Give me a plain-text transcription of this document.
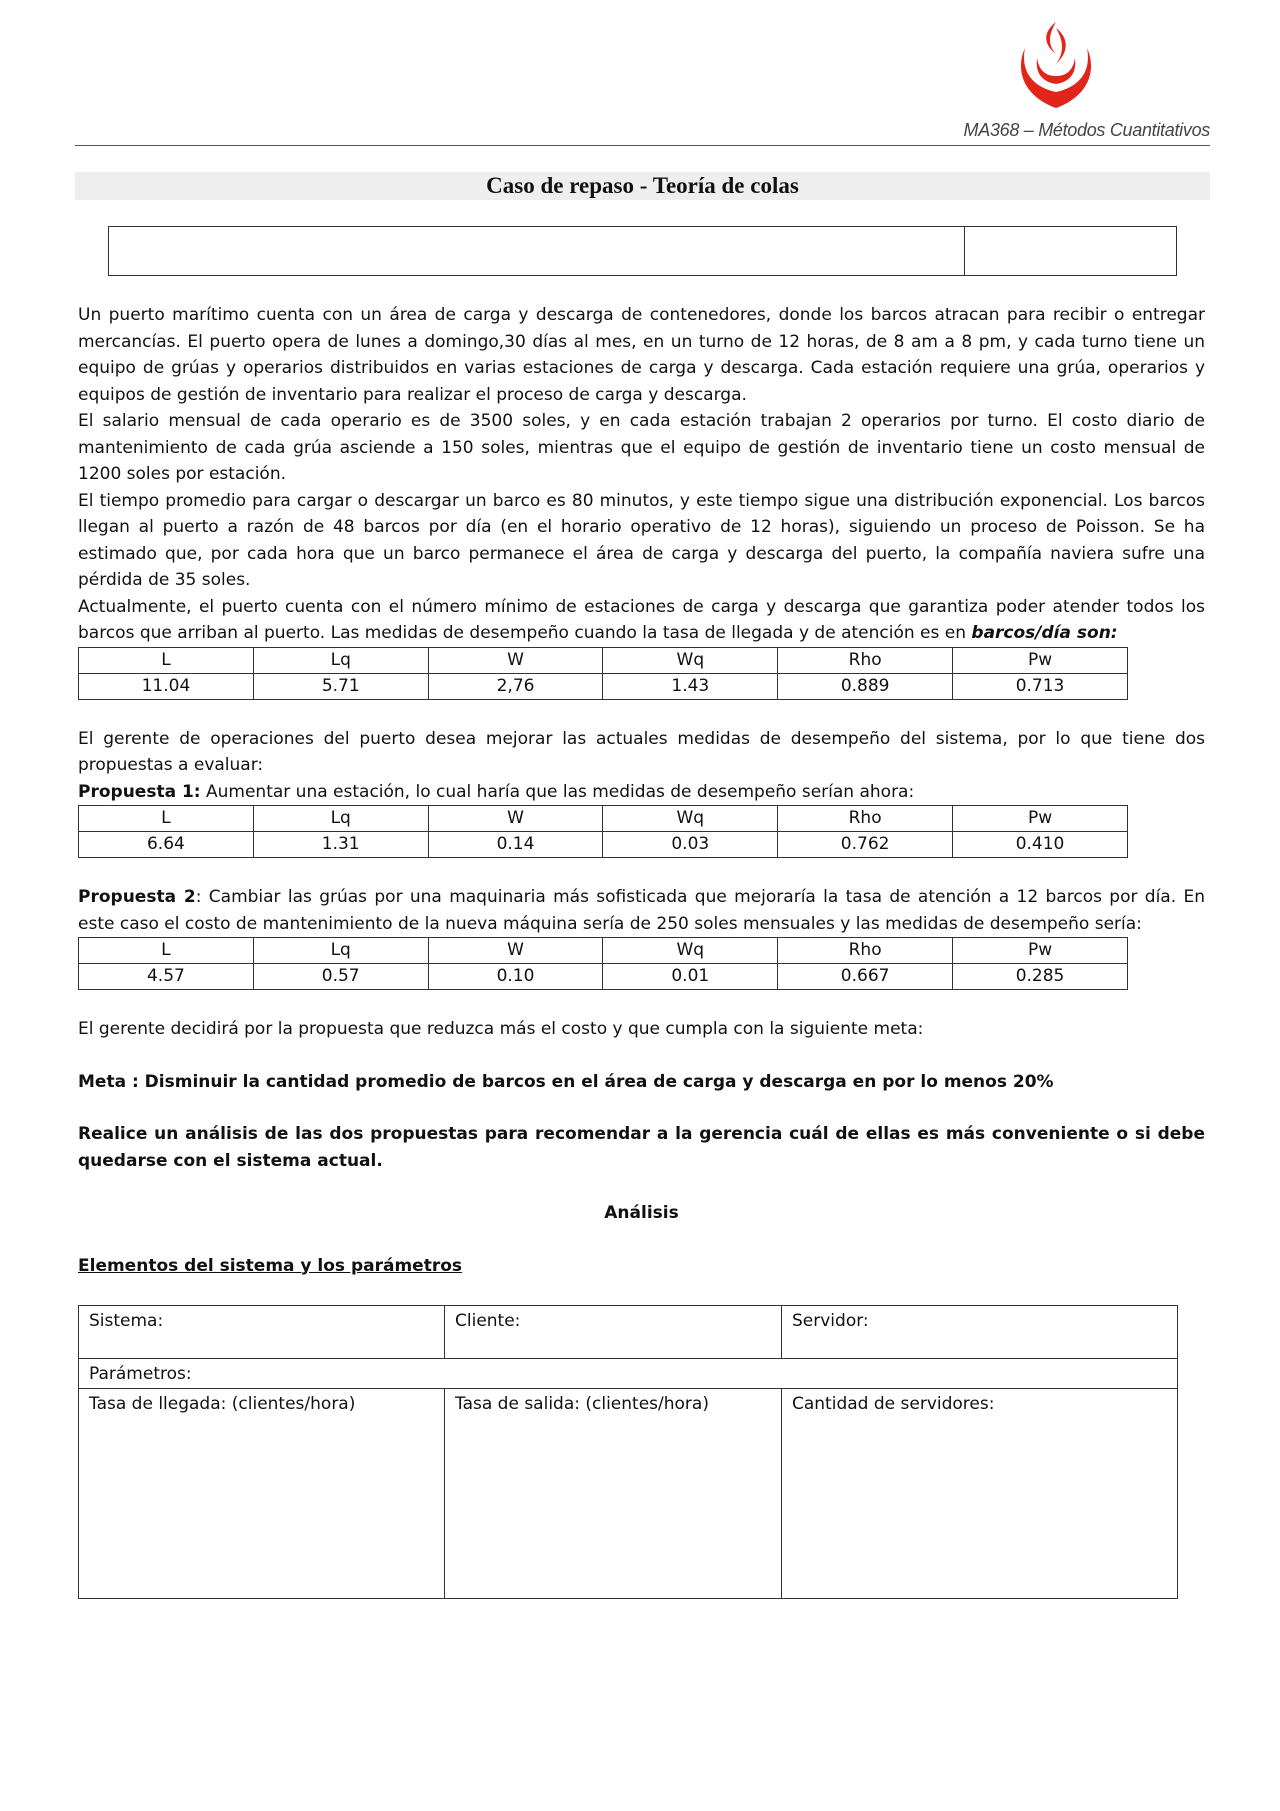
MA368 – Métodos Cuantitativos
Caso de repaso - Teoría de colas

Un puerto marítimo cuenta con un área de carga y descarga de contenedores, donde los barcos atracan para recibir o entregar mercancías. El puerto opera de lunes a domingo,30 días al mes, en un turno de 12 horas, de 8 am a 8 pm, y cada turno tiene un equipo de grúas y operarios distribuidos en varias estaciones de carga y descarga. Cada estación requiere una grúa, operarios y equipos de gestión de inventario para realizar el proceso de carga y descarga.

El salario mensual de cada operario es de 3500 soles, y en cada estación trabajan 2 operarios por turno. El costo diario de mantenimiento de cada grúa asciende a 150 soles, mientras que el equipo de gestión de inventario tiene un costo mensual de 1200 soles por estación.

El tiempo promedio para cargar o descargar un barco es 80 minutos, y este tiempo sigue una distribución exponencial. Los barcos llegan al puerto a razón de 48 barcos por día (en el horario operativo de 12 horas), siguiendo un proceso de Poisson. Se ha estimado que, por cada hora que un barco permanece el área de carga y descarga del puerto, la compañía naviera sufre una pérdida de 35 soles.

Actualmente, el puerto cuenta con el número mínimo de estaciones de carga y descarga que garantiza poder atender todos los barcos que arriban al puerto. Las medidas de desempeño cuando la tasa de llegada y de atención es en barcos/día son:

L	Lq	W	Wq	Rho	Pw
11.04	5.71	2,76	1.43	0.889	0.713

El gerente de operaciones del puerto desea mejorar las actuales medidas de desempeño del sistema, por lo que tiene dos propuestas a evaluar:

Propuesta 1: Aumentar una estación, lo cual haría que las medidas de desempeño serían ahora:

L	Lq	W	Wq	Rho	Pw
6.64	1.31	0.14	0.03	0.762	0.410

Propuesta 2: Cambiar las grúas por una maquinaria más sofisticada que mejoraría la tasa de atención a 12 barcos por día. En este caso el costo de mantenimiento de la nueva máquina sería de 250 soles mensuales y las medidas de desempeño sería:

L	Lq	W	Wq	Rho	Pw
4.57	0.57	0.10	0.01	0.667	0.285

El gerente decidirá por la propuesta que reduzca más el costo y que cumpla con la siguiente meta:

Meta : Disminuir la cantidad promedio de barcos en el área de carga y descarga en por lo menos 20%

Realice un análisis de las dos propuestas para recomendar a la gerencia cuál de ellas es más conveniente o si debe quedarse con el sistema actual.

Análisis

Elementos del sistema y los parámetros

Sistema:	Cliente:	Servidor:
Parámetros:		
Tasa de llegada: (clientes/hora)	Tasa de salida: (clientes/hora)	Cantidad de servidores:
